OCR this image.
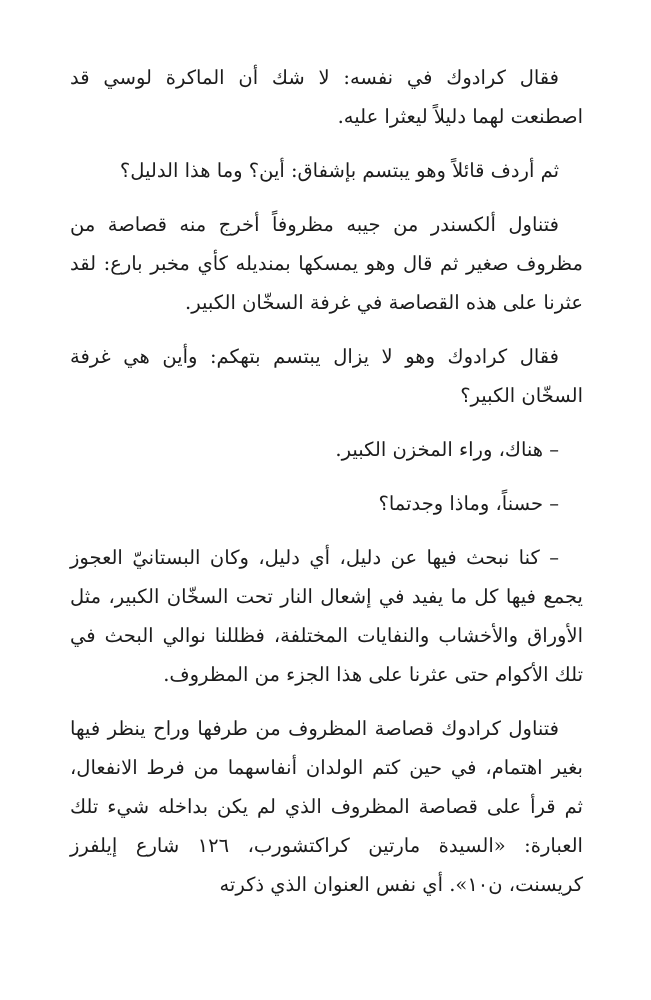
فقال كرادوك في نفسه: لا شك أن الماكرة لوسي قد اصطنعت لهما دليلاً ليعثرا عليه.

ثم أردف قائلاً وهو يبتسم بإشفاق: أين؟ وما هذا الدليل؟

فتناول ألكسندر من جيبه مظروفاً أخرج منه قصاصة من مظروف صغير ثم قال وهو يمسكها بمنديله كأي مخبر بارع: لقد عثرنا على هذه القصاصة في غرفة السخّان الكبير.

فقال كرادوك وهو لا يزال يبتسم بتهكم: وأين هي غرفة السخّان الكبير؟

– هناك، وراء المخزن الكبير.

– حسناً، وماذا وجدتما؟

– كنا نبحث فيها عن دليل، أي دليل، وكان البستانيّ العجوز يجمع فيها كل ما يفيد في إشعال النار تحت السخّان الكبير، مثل الأوراق والأخشاب والنفايات المختلفة، فظللنا نوالي البحث في تلك الأكوام حتى عثرنا على هذا الجزء من المظروف.

فتناول كرادوك قصاصة المظروف من طرفها وراح ينظر فيها بغير اهتمام، في حين كتم الولدان أنفاسهما من فرط الانفعال، ثم قرأ على قصاصة المظروف الذي لم يكن بداخله شيء تلك العبارة: «السيدة مارتين كراكتشورب، ١٢٦ شارع إيلفرز كريسنت، ن١٠». أي نفس العنوان الذي ذكرته
